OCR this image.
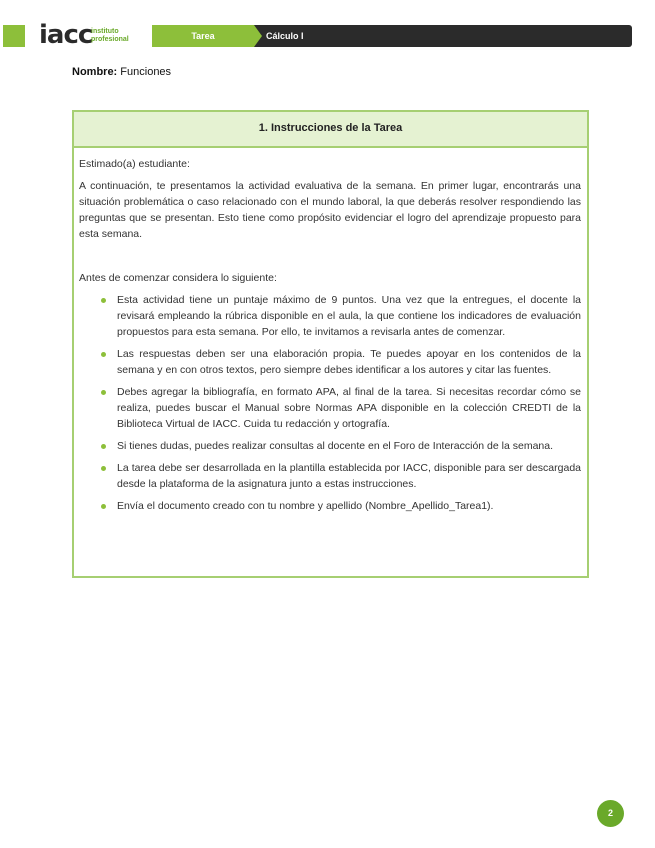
iacc
instituto
profesional	Tarea	Cálculo I
Nombre: Funciones
1. Instrucciones de la Tarea

Estimado(a) estudiante:

A continuación, te presentamos la actividad evaluativa de la semana. En primer lugar, encontrarás una situación problemática o caso relacionado con el mundo laboral, la que deberás resolver respondiendo las preguntas que se presentan. Esto tiene como propósito evidenciar el logro del aprendizaje propuesto para esta semana.

Antes de comenzar considera lo siguiente:

Esta actividad tiene un puntaje máximo de 9 puntos. Una vez que la entregues, el docente la revisará empleando la rúbrica disponible en el aula, la que contiene los indicadores de evaluación propuestos para esta semana. Por ello, te invitamos a revisarla antes de comenzar.
Las respuestas deben ser una elaboración propia. Te puedes apoyar en los contenidos de la semana y en con otros textos, pero siempre debes identificar a los autores y citar las fuentes.
Debes agregar la bibliografía, en formato APA, al final de la tarea. Si necesitas recordar cómo se realiza, puedes buscar el Manual sobre Normas APA disponible en la colección CREDTI de la Biblioteca Virtual de IACC. Cuida tu redacción y ortografía.
Si tienes dudas, puedes realizar consultas al docente en el Foro de Interacción de la semana.
La tarea debe ser desarrollada en la plantilla establecida por IACC, disponible para ser descargada desde la plataforma de la asignatura junto a estas instrucciones.
Envía el documento creado con tu nombre y apellido (Nombre_Apellido_Tarea1).
2
